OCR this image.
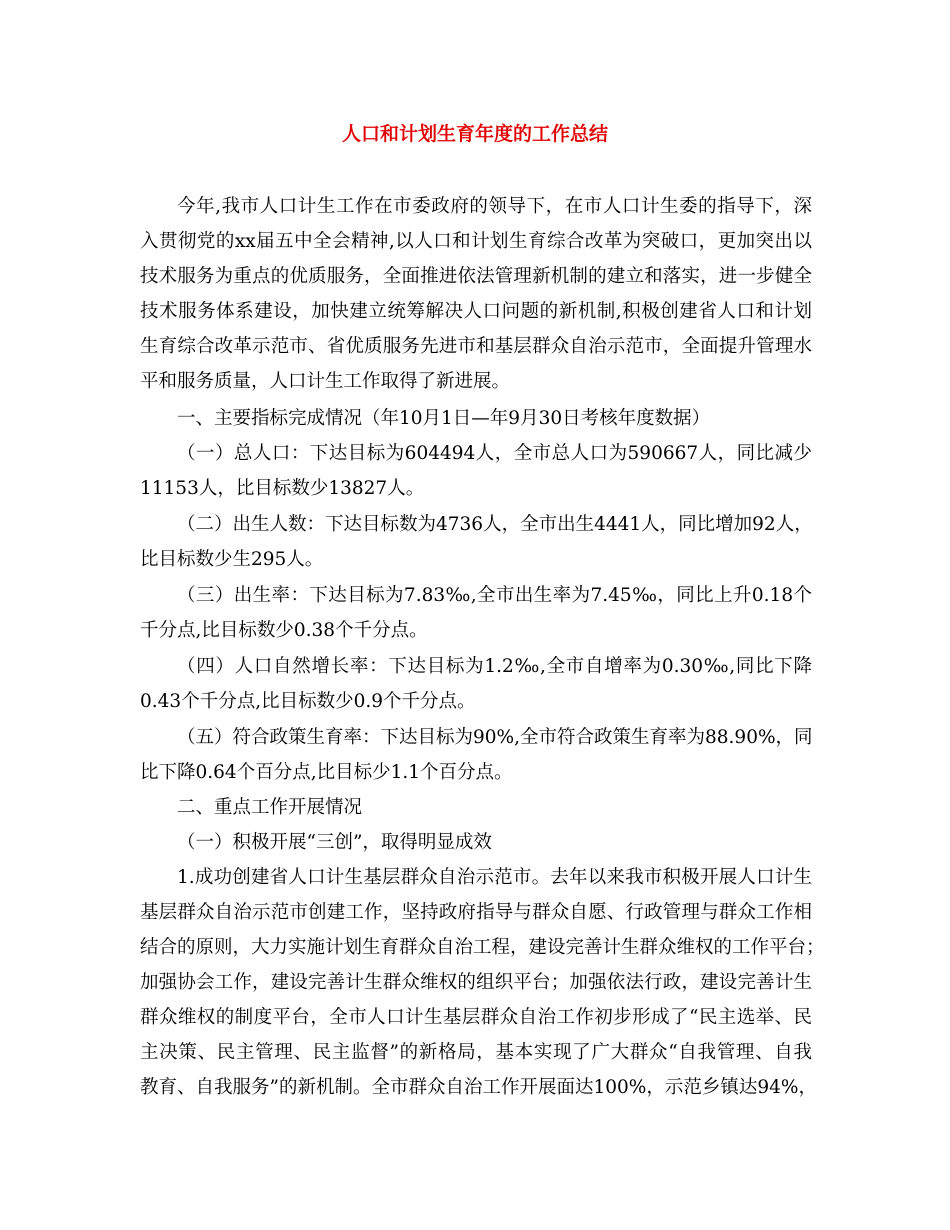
人口和计划生育年度的工作总结
今年,我市人口计生工作在市委政府的领导下，在市人口计生委的指导下，深
入贯彻党的xx届五中全会精神,以人口和计划生育综合改革为突破口，更加突出以
技术服务为重点的优质服务，全面推进依法管理新机制的建立和落实，进一步健全
技术服务体系建设，加快建立统筹解决人口问题的新机制,积极创建省人口和计划
生育综合改革示范市、省优质服务先进市和基层群众自治示范市，全面提升管理水
平和服务质量，人口计生工作取得了新进展。
一、主要指标完成情况（年10月1日—年9月30日考核年度数据）
（一）总人口：下达目标为604494人，全市总人口为590667人，同比减少
11153人，比目标数少13827人。
（二）出生人数：下达目标数为4736人，全市出生4441人，同比增加92人，
比目标数少生295人。
（三）出生率：下达目标为7.83‰,全市出生率为7.45‰，同比上升0.18个
千分点,比目标数少0.38个千分点。
（四）人口自然增长率：下达目标为1.2‰,全市自增率为0.30‰,同比下降
0.43个千分点,比目标数少0.9个千分点。
（五）符合政策生育率：下达目标为90%,全市符合政策生育率为88.90%，同
比下降0.64个百分点,比目标少1.1个百分点。
二、重点工作开展情况
（一）积极开展“三创”，取得明显成效
1.成功创建省人口计生基层群众自治示范市。去年以来我市积极开展人口计生
基层群众自治示范市创建工作，坚持政府指导与群众自愿、行政管理与群众工作相
结合的原则，大力实施计划生育群众自治工程，建设完善计生群众维权的工作平台；
加强协会工作，建设完善计生群众维权的组织平台；加强依法行政，建设完善计生
群众维权的制度平台，全市人口计生基层群众自治工作初步形成了“民主选举、民
主决策、民主管理、民主监督”的新格局，基本实现了广大群众“自我管理、自我
教育、自我服务”的新机制。全市群众自治工作开展面达100%，示范乡镇达94%，
